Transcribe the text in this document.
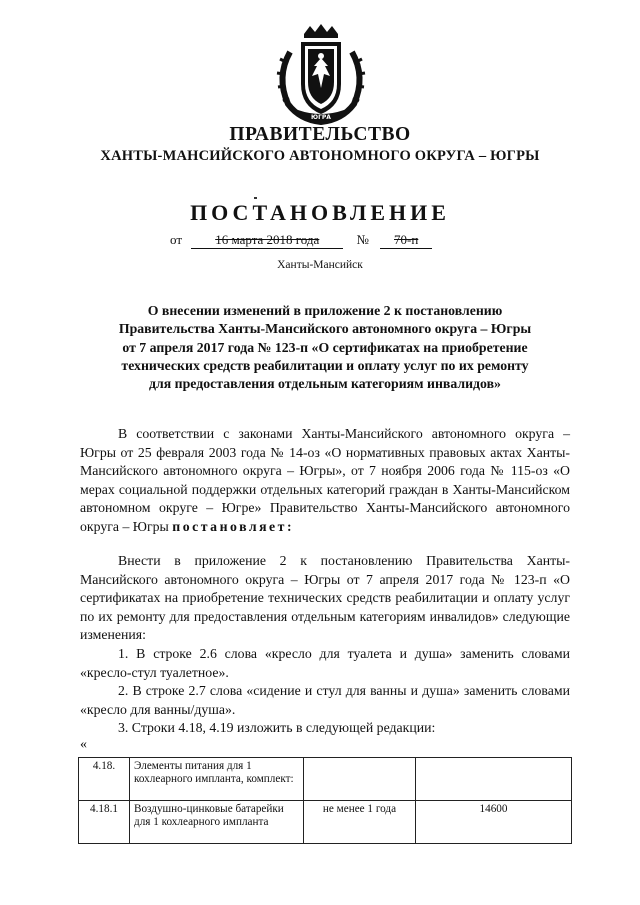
ЮГРА
ПРАВИТЕЛЬСТВО
ХАНТЫ-МАНСИЙСКОГО АВТОНОМНОГО ОКРУГА – ЮГРЫ
ПОСТАНОВЛЕНИЕ
от	16 марта 2018 года	№ 70-п
Ханты-Мансийск
О внесении изменений в приложение 2 к постановлению
Правительства Ханты-Мансийского автономного округа – Югры
от 7 апреля 2017 года № 123-п «О сертификатах на приобретение
технических средств реабилитации и оплату услуг по их ремонту
для предоставления отдельным категориям инвалидов»

В соответствии с законами Ханты-Мансийского автономного округа – Югры от 25 февраля 2003 года № 14-оз «О нормативных правовых актах Ханты-Мансийского автономного округа – Югры», от 7 ноября 2006 года № 115-оз «О мерах социальной поддержки отдельных категорий граждан в Ханты-Мансийском автономном округе – Югре» Правительство Ханты-Мансийского автономного округа – Югры постановляет:

Внести в приложение 2 к постановлению Правительства Ханты-Мансийского автономного округа – Югры от 7 апреля 2017 года № 123-п «О сертификатах на приобретение технических средств реабилитации и оплату услуг по их ремонту для предоставления отдельным категориям инвалидов» следующие изменения:

1. В строке 2.6 слова «кресло для туалета и душа» заменить словами «кресло-стул туалетное».

2. В строке 2.7 слова «сидение и стул для ванны и душа» заменить словами «кресло для ванны/душа».

3. Строки 4.18, 4.19 изложить в следующей редакции:

«
4.18.	Элементы питания для 1 кохлеарного импланта, комплект:		
4.18.1	Воздушно-цинковые батарейки для 1 кохлеарного импланта	не менее 1 года	14600
